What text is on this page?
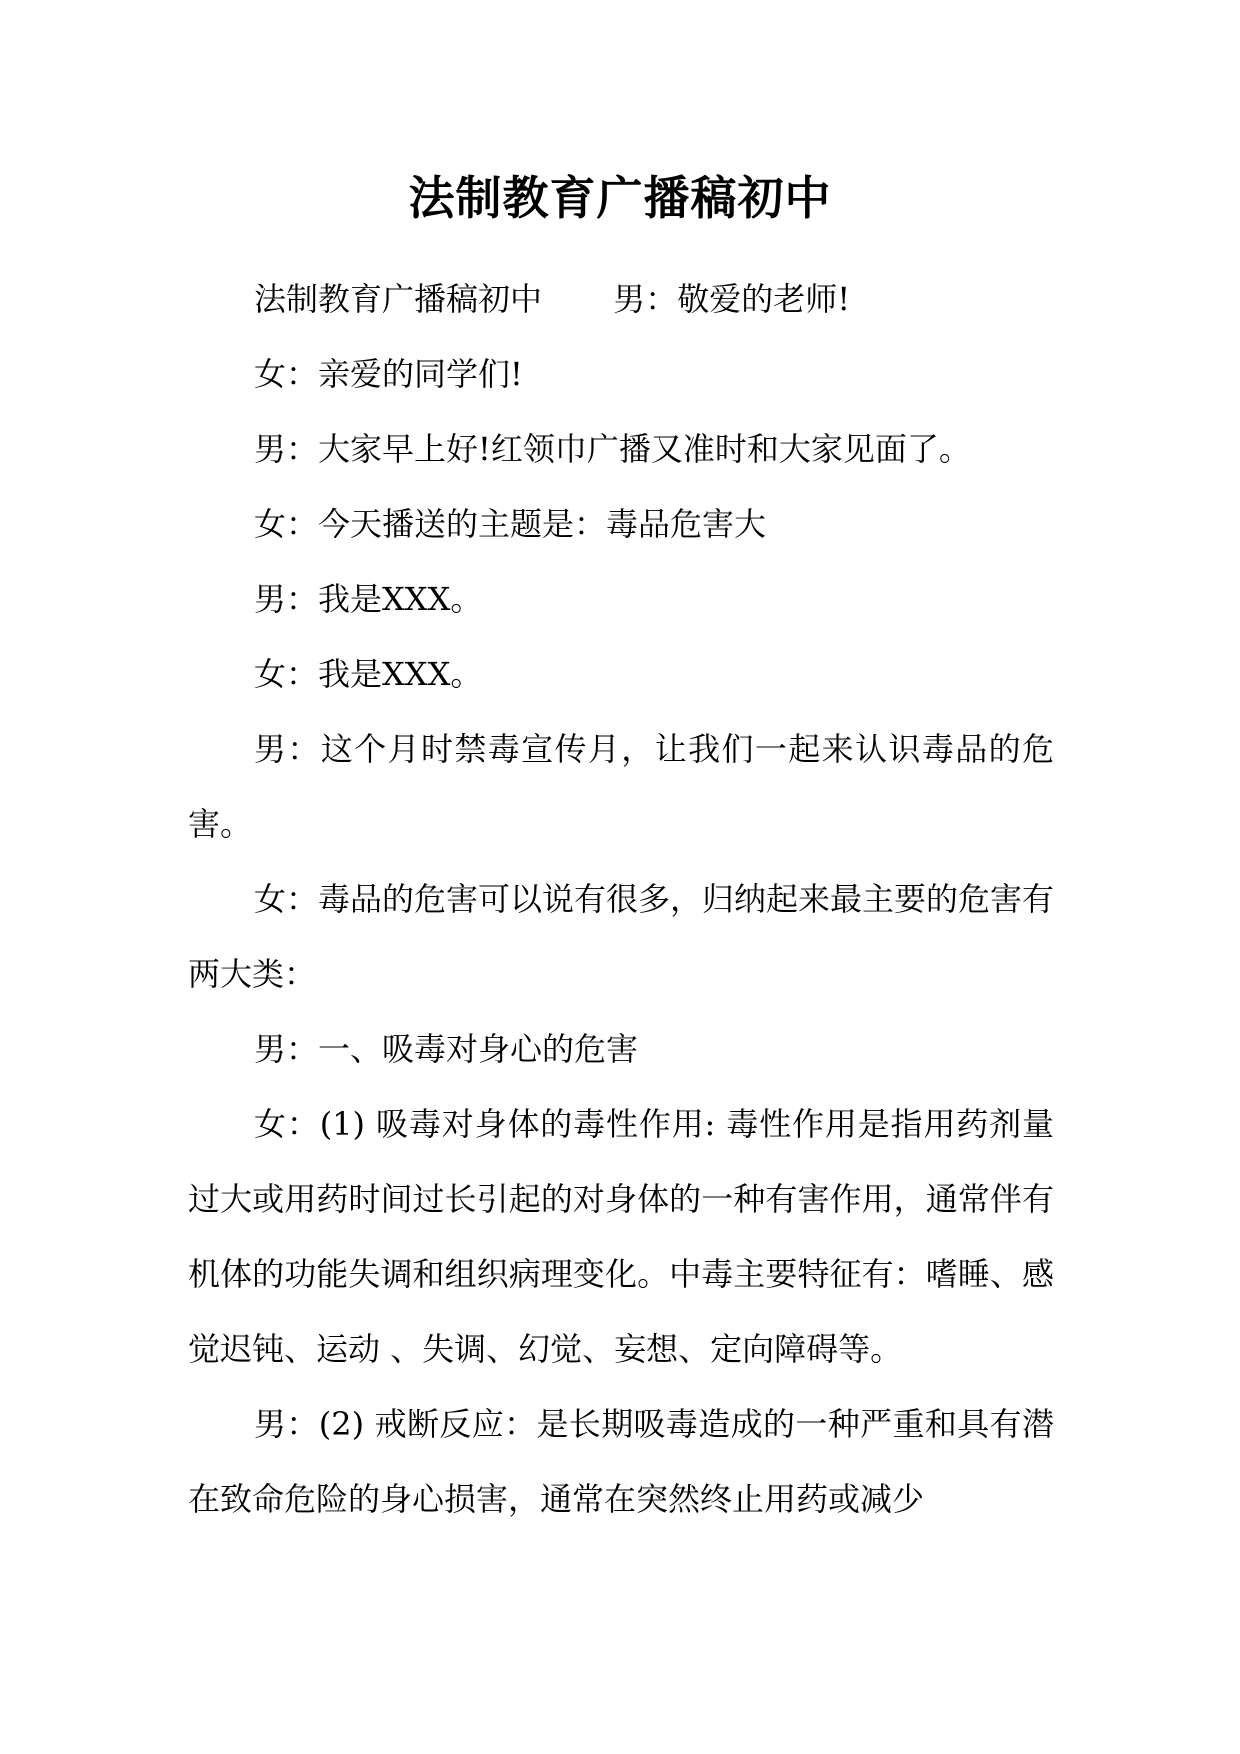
法制教育广播稿初中

法制教育广播稿初中       男：敬爱的老师!

女：亲爱的同学们!

男：大家早上好!红领巾广播又准时和大家见面了。

女：今天播送的主题是：毒品危害大

男：我是XXX。

女：我是XXX。

男：这个月时禁毒宣传月，让我们一起来认识毒品的危害。

女：毒品的危害可以说有很多，归纳起来最主要的危害有两大类：

男：一、吸毒对身心的危害

女：(1) 吸毒对身体的毒性作用: 毒性作用是指用药剂量过大或用药时间过长引起的对身体的一种有害作用，通常伴有机体的功能失调和组织病理变化。中毒主要特征有：嗜睡、感觉迟钝、运动 、失调、幻觉、妄想、定向障碍等。

男：(2) 戒断反应：是长期吸毒造成的一种严重和具有潜在致命危险的身心损害，通常在突然终止用药或减少
